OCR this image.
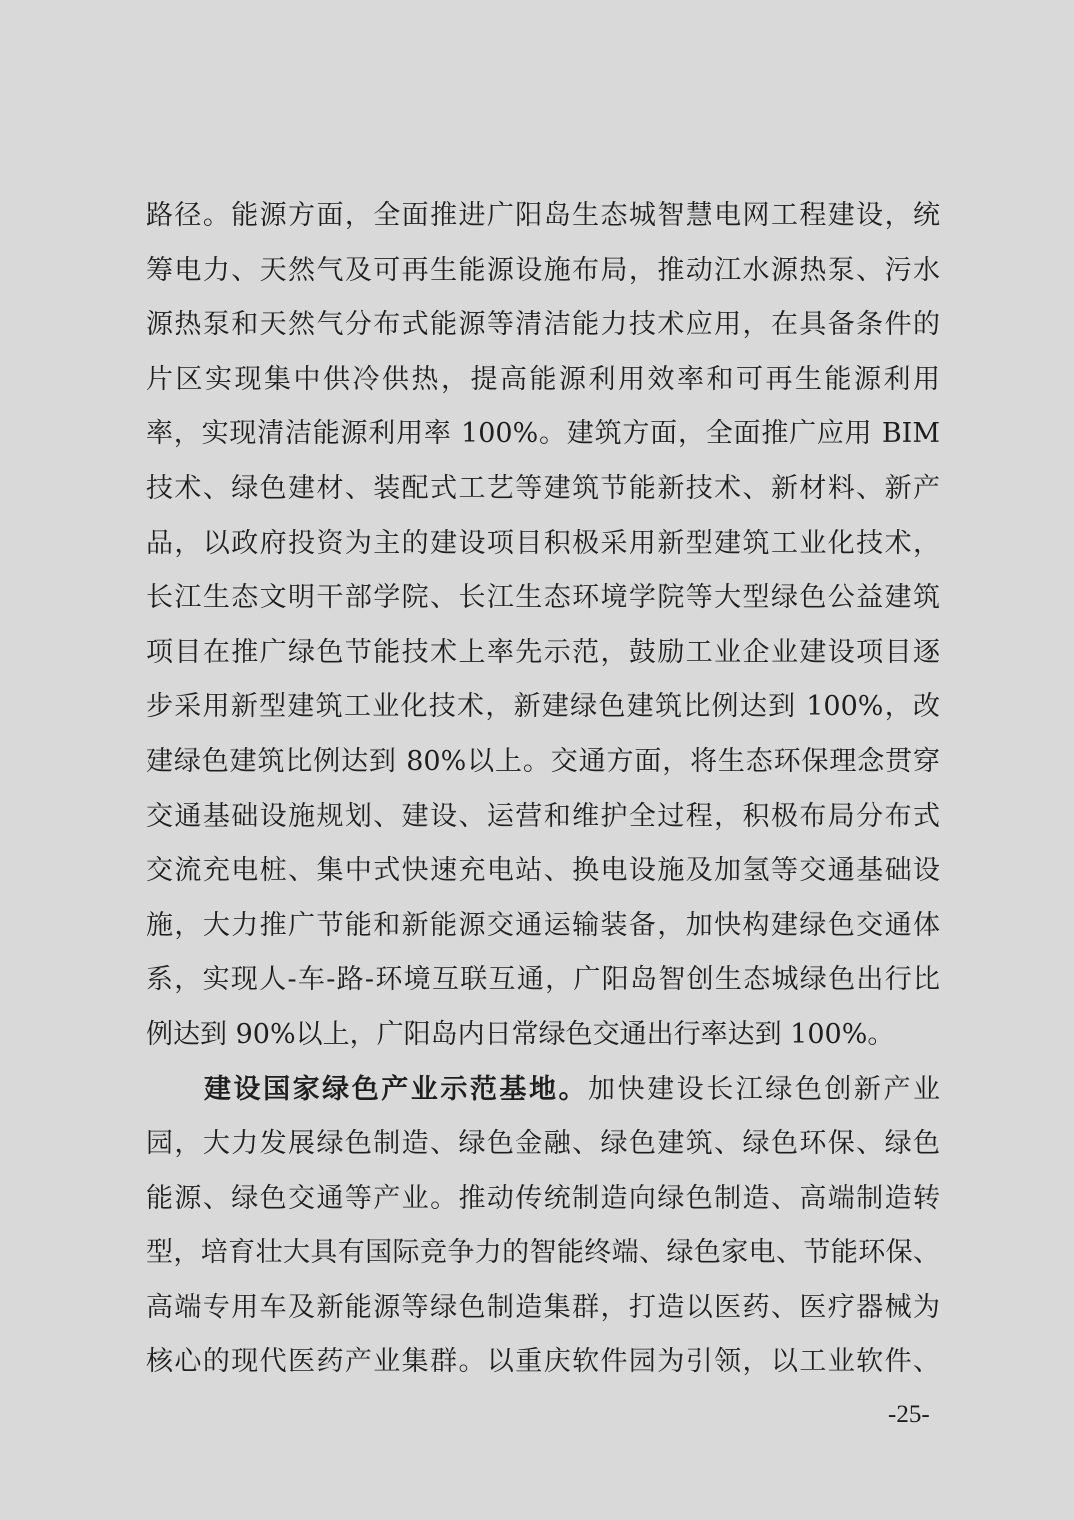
路径。能源方面，全面推进广阳岛生态城智慧电网工程建设，统
筹电力、天然气及可再生能源设施布局，推动江水源热泵、污水
源热泵和天然气分布式能源等清洁能力技术应用，在具备条件的
片区实现集中供冷供热，提高能源利用效率和可再生能源利用
率，实现清洁能源利用率 100%。建筑方面，全面推广应用 BIM
技术、绿色建材、装配式工艺等建筑节能新技术、新材料、新产
品，以政府投资为主的建设项目积极采用新型建筑工业化技术，
长江生态文明干部学院、长江生态环境学院等大型绿色公益建筑
项目在推广绿色节能技术上率先示范，鼓励工业企业建设项目逐
步采用新型建筑工业化技术，新建绿色建筑比例达到 100%，改
建绿色建筑比例达到 80%以上。交通方面，将生态环保理念贯穿
交通基础设施规划、建设、运营和维护全过程，积极布局分布式
交流充电桩、集中式快速充电站、换电设施及加氢等交通基础设
施，大力推广节能和新能源交通运输装备，加快构建绿色交通体
系，实现人-车-路-环境互联互通，广阳岛智创生态城绿色出行比
例达到 90%以上，广阳岛内日常绿色交通出行率达到 100%。
建设国家绿色产业示范基地。加快建设长江绿色创新产业
园，大力发展绿色制造、绿色金融、绿色建筑、绿色环保、绿色
能源、绿色交通等产业。推动传统制造向绿色制造、高端制造转
型，培育壮大具有国际竞争力的智能终端、绿色家电、节能环保、
高端专用车及新能源等绿色制造集群，打造以医药、医疗器械为
核心的现代医药产业集群。以重庆软件园为引领，以工业软件、
-25-
